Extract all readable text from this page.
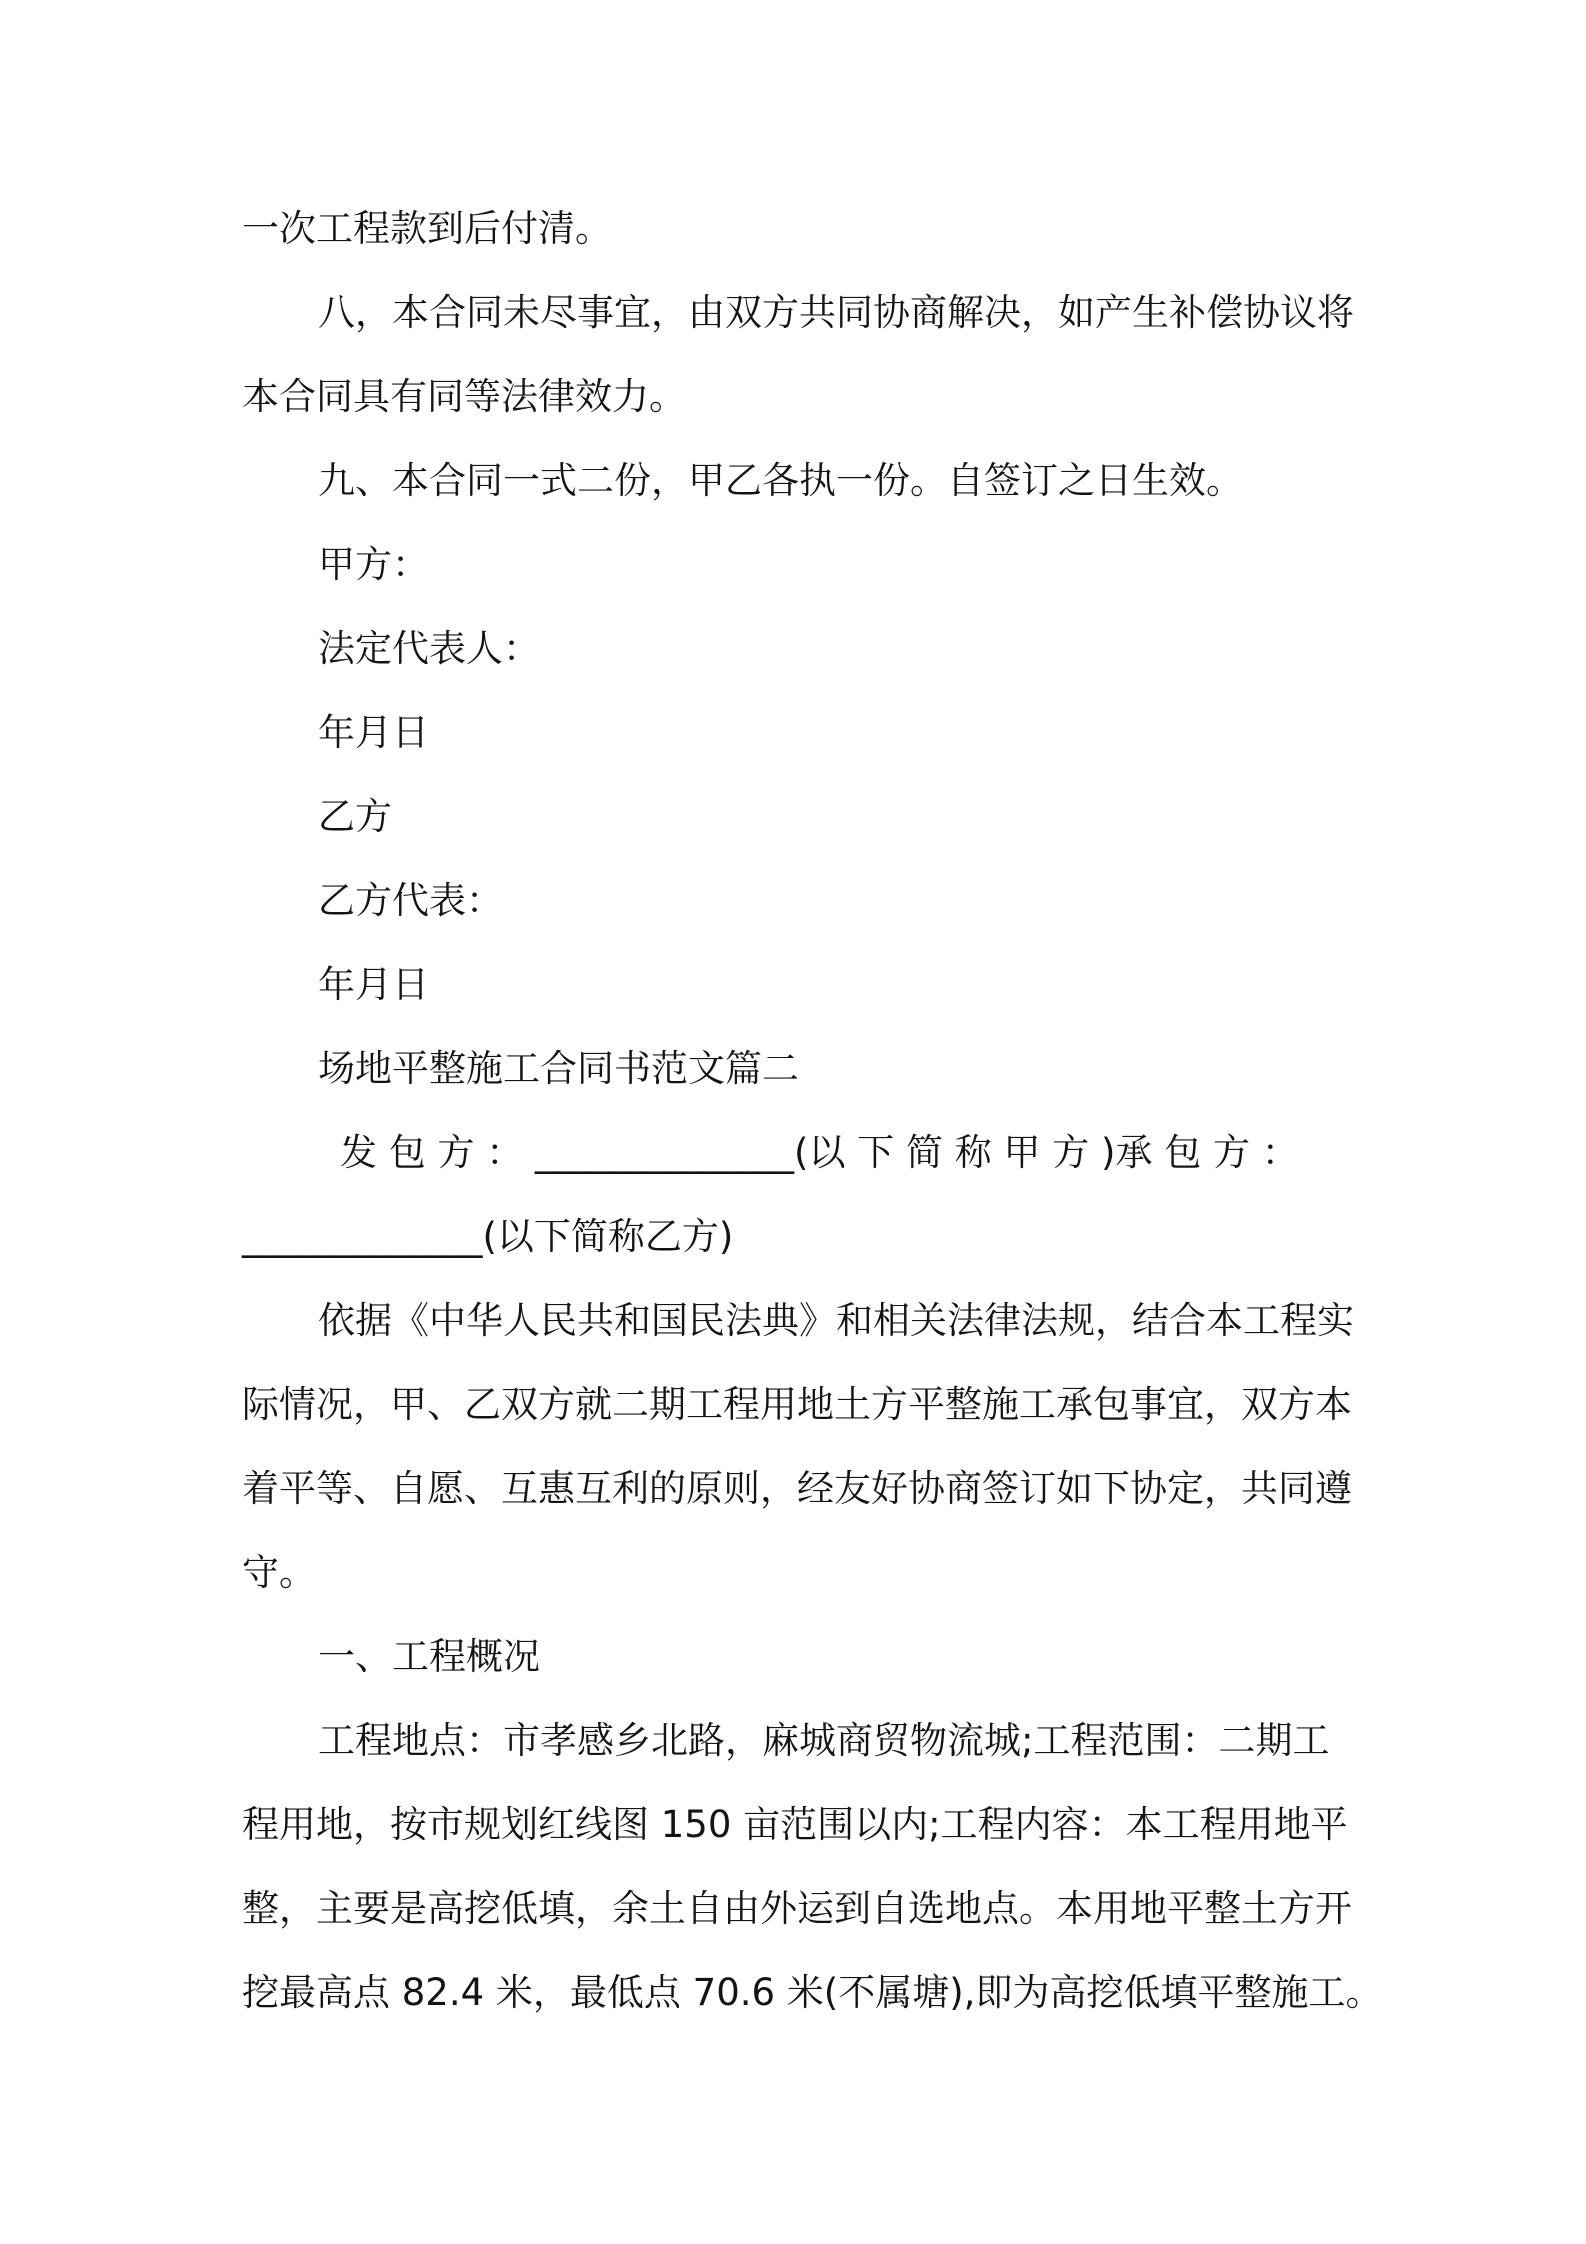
一次工程款到后付清。
八，本合同未尽事宜，由双方共同协商解决，如产生补偿协议将
本合同具有同等法律效力。
九、本合同一式二份，甲乙各执一份。自签订之日生效。
甲方：
法定代表人：
年月日
乙方
乙方代表：
年月日
场地平整施工合同书范文篇二
发 包 方 ： ______________(以 下 简 称 甲 方 )承 包 方 ：
_____________(以下简称乙方)
依据《中华人民共和国民法典》和相关法律法规，结合本工程实
际情况，甲、乙双方就二期工程用地土方平整施工承包事宜，双方本
着平等、自愿、互惠互利的原则，经友好协商签订如下协定，共同遵
守。
一、工程概况
工程地点：市孝感乡北路，麻城商贸物流城;工程范围：二期工
程用地，按市规划红线图 150 亩范围以内;工程内容：本工程用地平
整，主要是高挖低填，余土自由外运到自选地点。本用地平整土方开
挖最高点 82.4 米，最低点 70.6 米(不属塘),即为高挖低填平整施工。
